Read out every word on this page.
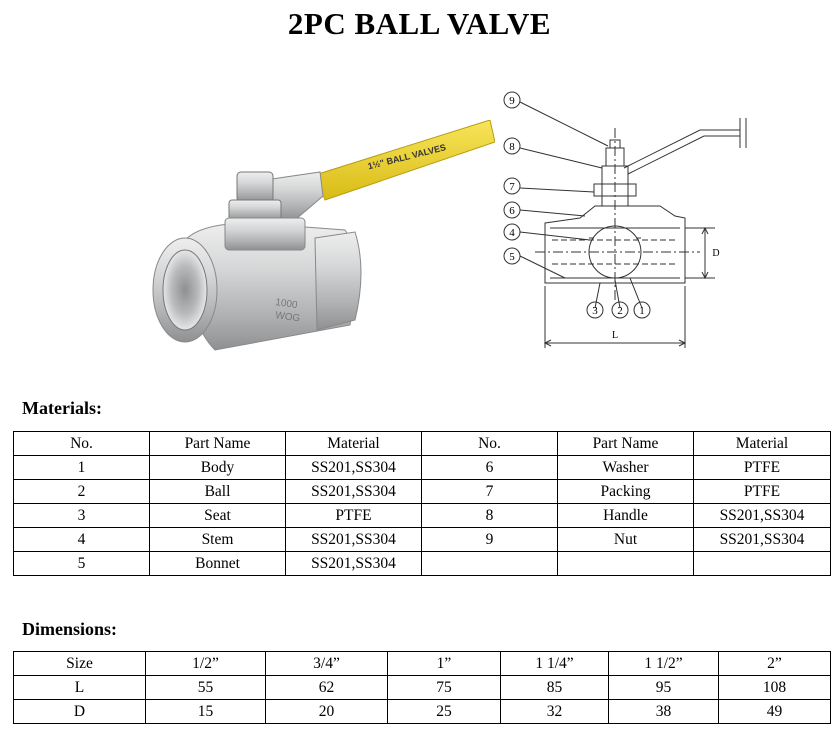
2PC BALL VALVE
1½" BALL VALVES
1000
WOG
9
8
7
6
4
5
3 2 1
D
L
Materials:
No.	Part Name	Material	No.	Part Name	Material
1	Body	SS201,SS304	6	Washer	PTFE
2	Ball	SS201,SS304	7	Packing	PTFE
3	Seat	PTFE	8	Handle	SS201,SS304
4	Stem	SS201,SS304	9	Nut	SS201,SS304
5	Bonnet	SS201,SS304			
Dimensions:
Size	1/2”	3/4”	1”	1 1/4”	1 1/2”	2”
L	55	62	75	85	95	108
D	15	20	25	32	38	49
